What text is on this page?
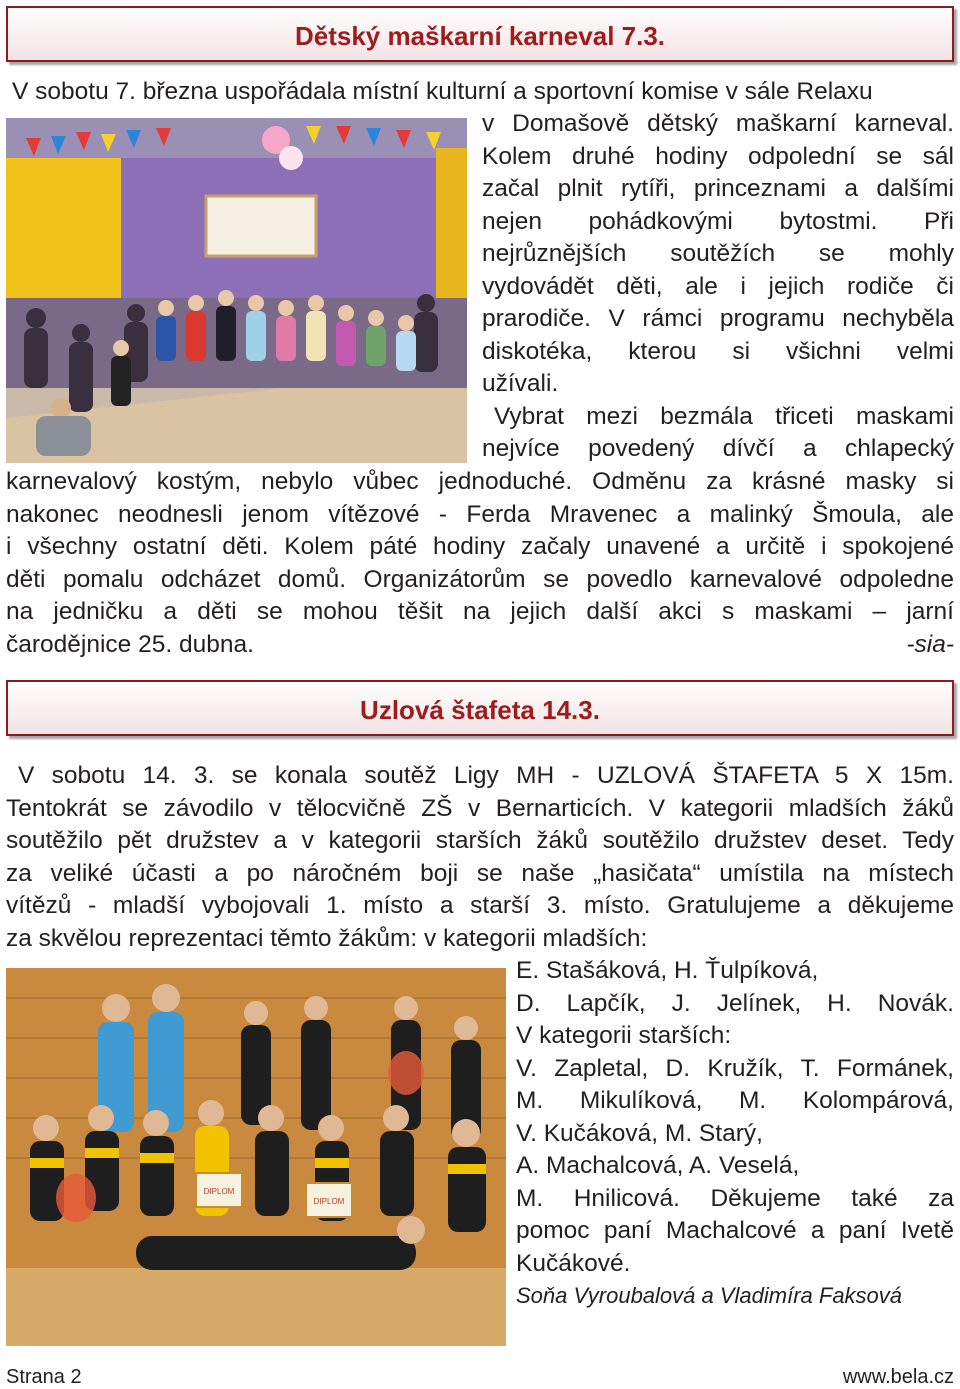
Dětský maškarní karneval 7.3.
V sobotu 7. března uspořádala místní kulturní a sportovní komise v sále Relaxu
v Domašově dětský maškarní karneval.
Kolem druhé hodiny odpolední se sál
začal plnit rytíři, princeznami a dalšími
nejen pohádkovými bytostmi. Při
nejrůznějších soutěžích se mohly
vydovádět děti, ale i jejich rodiče či
prarodiče. V rámci programu nechyběla
diskotéka, kterou si všichni velmi
užívali.
Vybrat mezi bezmála třiceti maskami
nejvíce povedený dívčí a chlapecký
karnevalový kostým, nebylo vůbec jednoduché. Odměnu za krásné masky si
nakonec neodnesli jenom vítězové - Ferda Mravenec a malinký Šmoula, ale
i všechny ostatní děti. Kolem páté hodiny začaly unavené a určitě i spokojené
děti pomalu odcházet domů. Organizátorům se povedlo karnevalové odpoledne
na jedničku a děti se mohou těšit na jejich další akci s maskami – jarní
čarodějnice 25. dubna.	-sia-
Uzlová štafeta 14.3.
V sobotu 14. 3. se konala soutěž Ligy MH - UZLOVÁ ŠTAFETA 5 X 15m.
Tentokrát se závodilo v tělocvičně ZŠ v Bernarticích. V kategorii mladších žáků
soutěžilo pět družstev a v kategorii starších žáků soutěžilo družstev deset. Tedy
za veliké účasti a po náročném boji se naše „hasičata“ umístila na místech
vítězů - mladší vybojovali 1. místo a starší 3. místo. Gratulujeme a děkujeme
za skvělou reprezentaci těmto žákům: v kategorii mladších:
DIPLOM
DIPLOM
E. Stašáková, H. Ťulpíková,
D. Lapčík, J. Jelínek, H. Novák.
V kategorii starších:
V. Zapletal, D. Kružík, T. Formánek,
M. Mikulíková, M. Kolompárová,
V. Kučáková, M. Starý,
A. Machalcová, A. Veselá,
M. Hnilicová. Děkujeme také za
pomoc paní Machalcové a paní Ivetě
Kučákové.
Soňa Vyroubalová a Vladimíra Faksová
Strana 2	www.bela.cz
